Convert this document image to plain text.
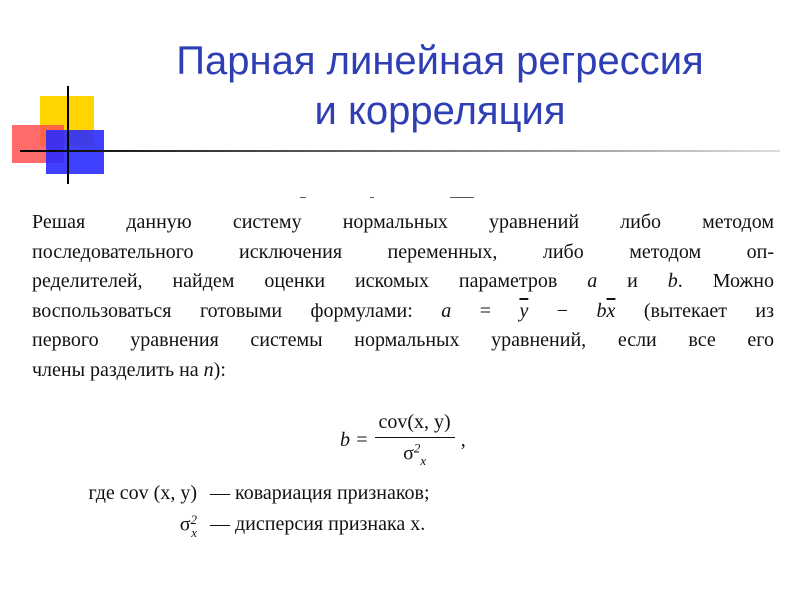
Парная линейная регрессия
и корреляция
Решая данную систему нормальных уравнений либо методом
последовательного исключения переменных, либо методом оп-
ределителей, найдем оценки искомых параметров a и b. Можно
воспользоваться готовыми формулами: $a = \overline{y} - b\overline{x}$ (вытекает из
первого уравнения системы нормальных уравнений, если все его
члены разделить на n):
$b = \frac{\text{cov(x, y)}}{\sigma^2_x}$ ,
где cov (x, y) — ковариация признаков;
σ 2
x — дисперсия признака x.
